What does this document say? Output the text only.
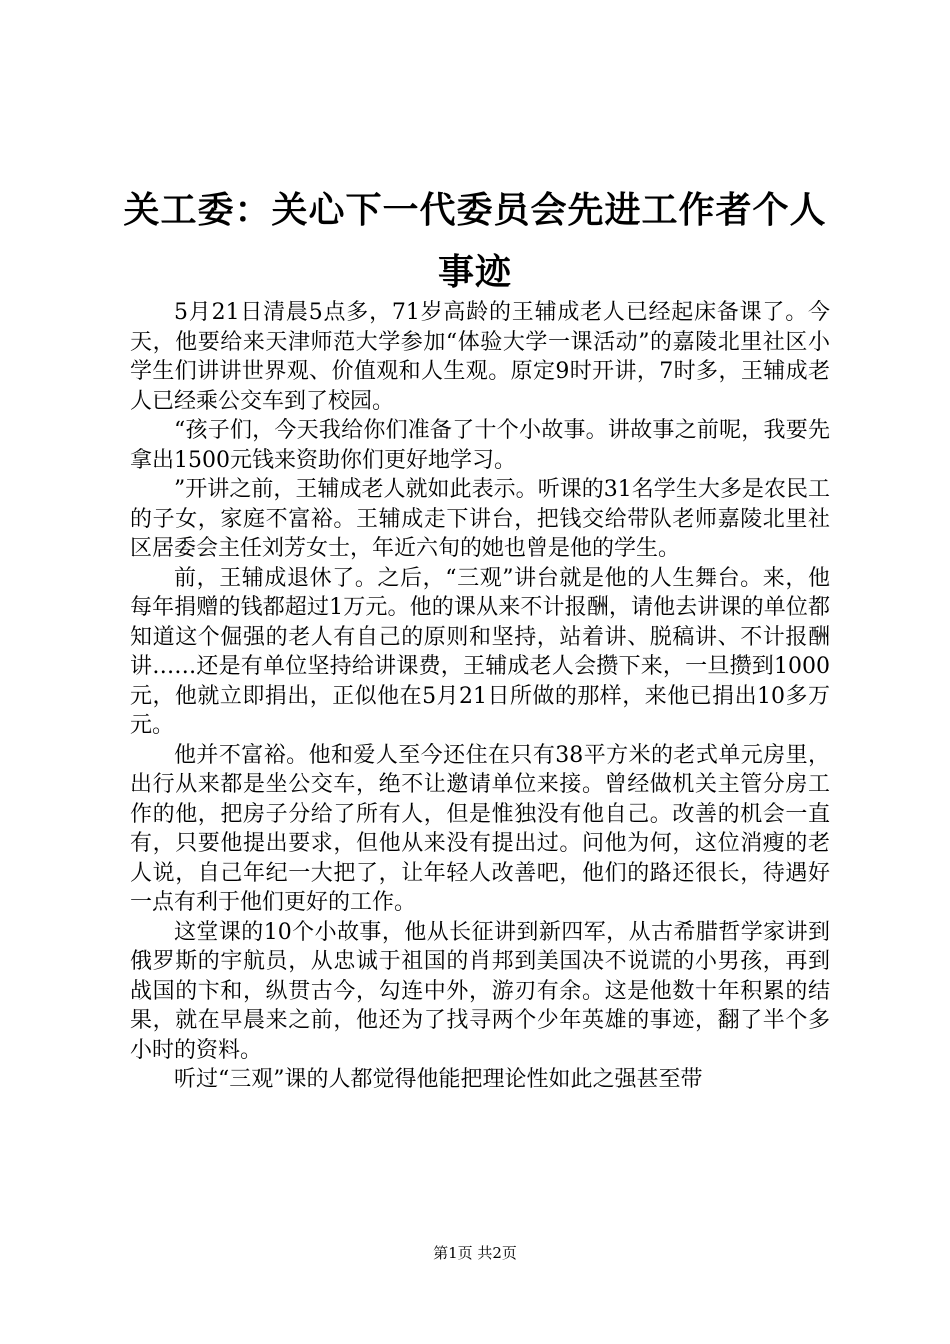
关工委：关心下一代委员会先进工作者个人事迹

5月21日清晨5点多，71岁高龄的王辅成老人已经起床备课了。今天，他要给来天津师范大学参加“体验大学一课活动”的嘉陵北里社区小学生们讲讲世界观、价值观和人生观。原定9时开讲，7时多，王辅成老人已经乘公交车到了校园。

“孩子们，今天我给你们准备了十个小故事。讲故事之前呢，我要先拿出1500元钱来资助你们更好地学习。

”开讲之前，王辅成老人就如此表示。听课的31名学生大多是农民工的子女，家庭不富裕。王辅成走下讲台，把钱交给带队老师嘉陵北里社区居委会主任刘芳女士，年近六旬的她也曾是他的学生。

前，王辅成退休了。之后，“三观”讲台就是他的人生舞台。来，他每年捐赠的钱都超过1万元。他的课从来不计报酬，请他去讲课的单位都知道这个倔强的老人有自己的原则和坚持，站着讲、脱稿讲、不计报酬讲……还是有单位坚持给讲课费，王辅成老人会攒下来，一旦攒到1000元，他就立即捐出，正似他在5月21日所做的那样，来他已捐出10多万元。

他并不富裕。他和爱人至今还住在只有38平方米的老式单元房里，出行从来都是坐公交车，绝不让邀请单位来接。曾经做机关主管分房工作的他，把房子分给了所有人，但是惟独没有他自己。改善的机会一直有，只要他提出要求，但他从来没有提出过。问他为何，这位消瘦的老人说，自己年纪一大把了，让年轻人改善吧，他们的路还很长，待遇好一点有利于他们更好的工作。

这堂课的10个小故事，他从长征讲到新四军，从古希腊哲学家讲到俄罗斯的宇航员，从忠诚于祖国的肖邦到美国决不说谎的小男孩，再到战国的卞和，纵贯古今，勾连中外，游刃有余。这是他数十年积累的结果，就在早晨来之前，他还为了找寻两个少年英雄的事迹，翻了半个多小时的资料。

听过“三观”课的人都觉得他能把理论性如此之强甚至带

第1页 共2页
